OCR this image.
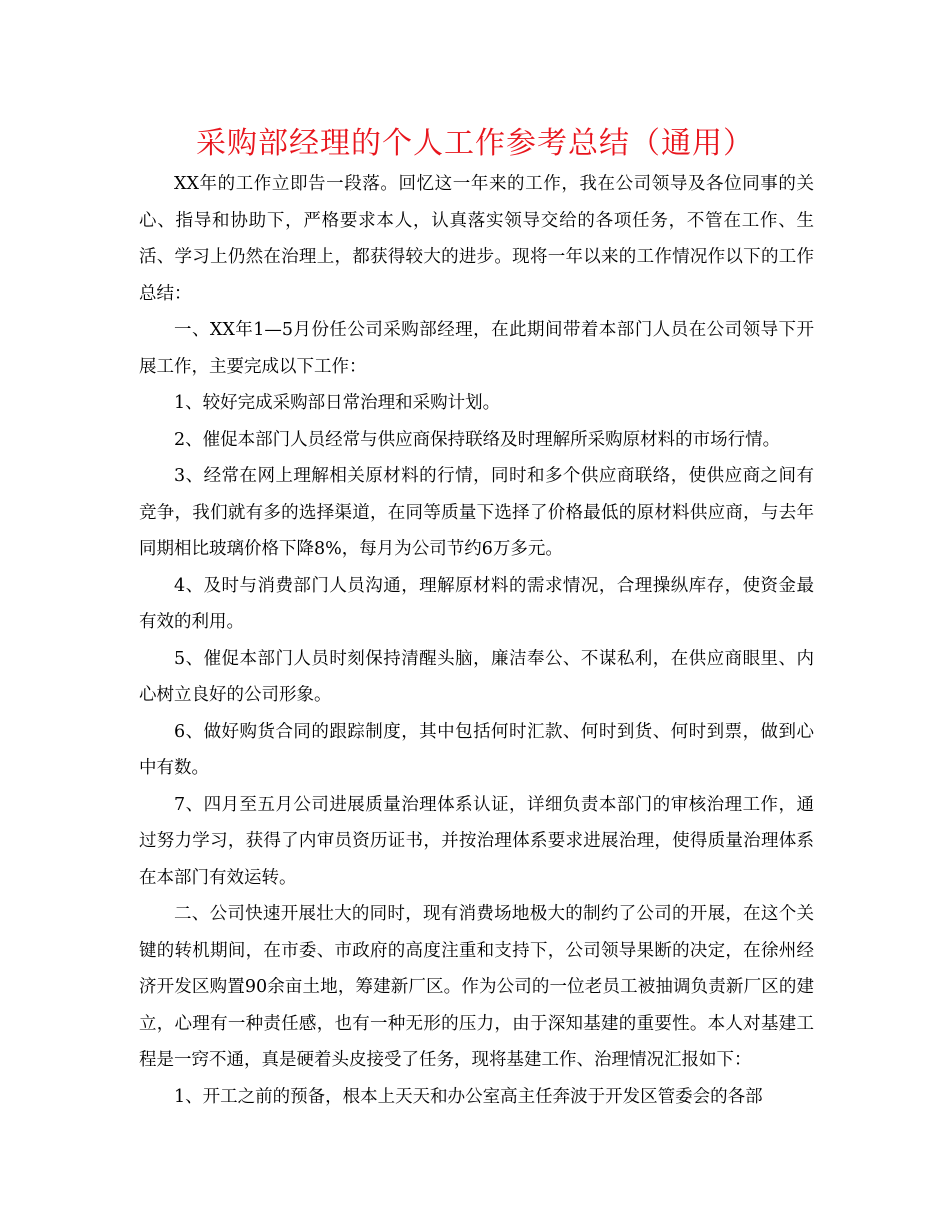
采购部经理的个人工作参考总结（通用）

XX年的工作立即告一段落。回忆这一年来的工作，我在公司领导及各位同事的关心、指导和协助下，严格要求本人，认真落实领导交给的各项任务，不管在工作、生活、学习上仍然在治理上，都获得较大的进步。现将一年以来的工作情况作以下的工作总结：

一、XX年1—5月份任公司采购部经理，在此期间带着本部门人员在公司领导下开展工作，主要完成以下工作：

1、较好完成采购部日常治理和采购计划。

2、催促本部门人员经常与供应商保持联络及时理解所采购原材料的市场行情。

3、经常在网上理解相关原材料的行情，同时和多个供应商联络，使供应商之间有竞争，我们就有多的选择渠道，在同等质量下选择了价格最低的原材料供应商，与去年同期相比玻璃价格下降8%，每月为公司节约6万多元。

4、及时与消费部门人员沟通，理解原材料的需求情况，合理操纵库存，使资金最有效的利用。

5、催促本部门人员时刻保持清醒头脑，廉洁奉公、不谋私利，在供应商眼里、内心树立良好的公司形象。

6、做好购货合同的跟踪制度，其中包括何时汇款、何时到货、何时到票，做到心中有数。

7、四月至五月公司进展质量治理体系认证，详细负责本部门的审核治理工作，通过努力学习，获得了内审员资历证书，并按治理体系要求进展治理，使得质量治理体系在本部门有效运转。

二、公司快速开展壮大的同时，现有消费场地极大的制约了公司的开展，在这个关键的转机期间，在市委、市政府的高度注重和支持下，公司领导果断的决定，在徐州经济开发区购置90余亩土地，筹建新厂区。作为公司的一位老员工被抽调负责新厂区的建立，心理有一种责任感，也有一种无形的压力，由于深知基建的重要性。本人对基建工程是一窍不通，真是硬着头皮接受了任务，现将基建工作、治理情况汇报如下：

1、开工之前的预备，根本上天天和办公室高主任奔波于开发区管委会的各部
